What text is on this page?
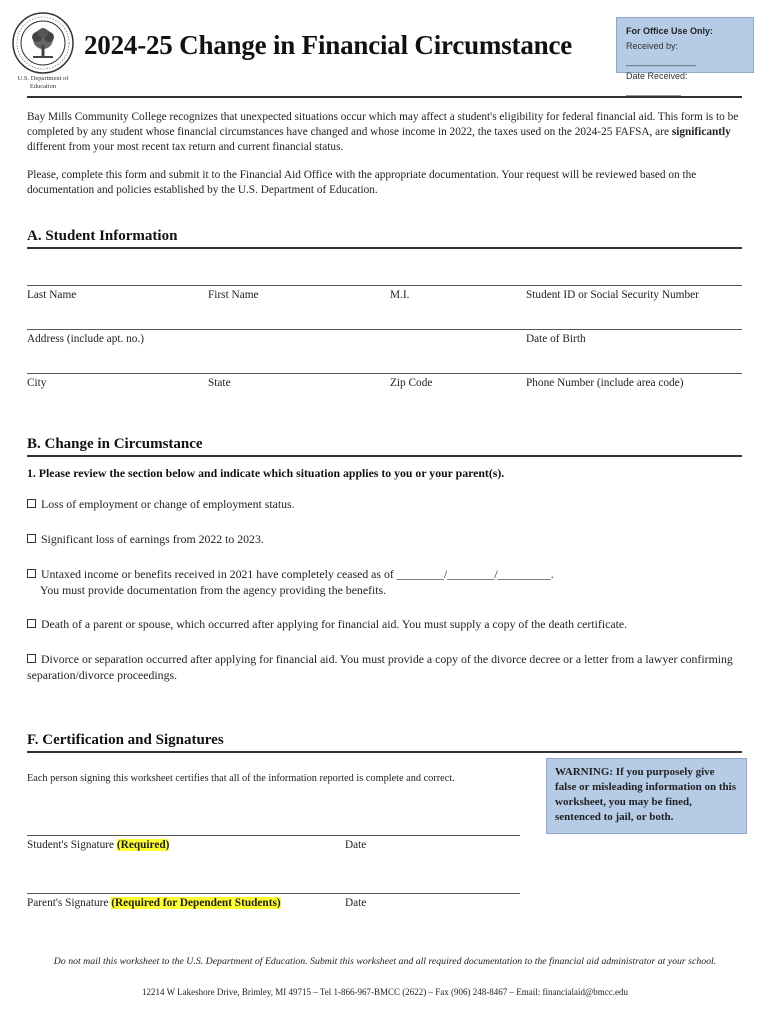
U.S. Department of Education
2024-25 Change in Financial Circumstance	For Office Use Only:
Received by: ______________
Date Received: ___________
Bay Mills Community College recognizes that unexpected situations occur which may affect a student's eligibility for federal financial aid. This form is to be completed by any student whose financial circumstances have changed and whose income in 2022, the taxes used on the 2024-25 FAFSA, are significantly different from your most recent tax return and current financial status.
Please, complete this form and submit it to the Financial Aid Office with the appropriate documentation. Your request will be reviewed based on the documentation and policies established by the U.S. Department of Education.
A. Student Information
Last Name	First Name	M.I.	Student ID or Social Security Number
Address (include apt. no.)	Date of Birth
City	State	Zip Code	Phone Number (include area code)
B. Change in Circumstance
1. Please review the section below and indicate which situation applies to you or your parent(s).
Loss of employment or change of employment status.
Significant loss of earnings from 2022 to 2023.
Untaxed income or benefits received in 2021 have completely ceased as of ________/________/_________.
You must provide documentation from the agency providing the benefits.
Death of a parent or spouse, which occurred after applying for financial aid. You must supply a copy of the death certificate.
Divorce or separation occurred after applying for financial aid. You must provide a copy of the divorce decree or a letter from a lawyer confirming separation/divorce proceedings.
F. Certification and Signatures
Each person signing this worksheet certifies that all of the information reported is complete and correct.
WARNING: If you purposely give false or misleading information on this worksheet, you may be fined, sentenced to jail, or both.
Student's Signature (Required)	Date
Parent's Signature (Required for Dependent Students)	Date
Do not mail this worksheet to the U.S. Department of Education. Submit this worksheet and all required documentation to the financial aid administrator at your school.
12214 W Lakeshore Drive, Brimley, MI 49715 – Tel 1-866-967-BMCC (2622) – Fax (906) 248-8467 – Email: financialaid@bmcc.edu
